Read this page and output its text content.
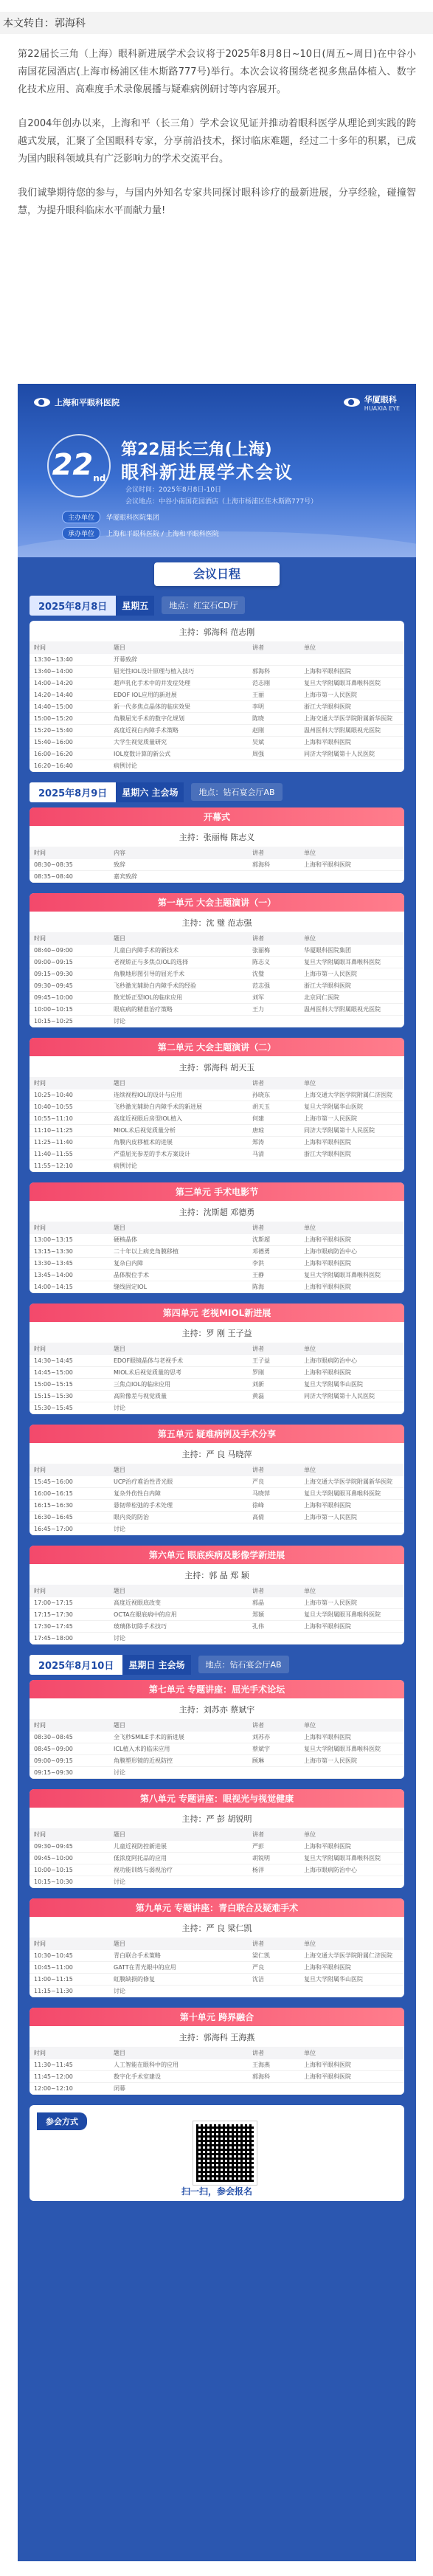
本文转自：郭海科

第22届长三角（上海）眼科新进展学术会议将于2025年8月8日~10日(周五~周日)在中谷小南国花园酒店(上海市杨浦区佳木斯路777号)举行。本次会议将围绕老视多焦晶体植入、数字化技术应用、高难度手术录像展播与疑难病例研讨等内容展开。

自2004年创办以来，上海和平（长三角）学术会议见证并推动着眼科医学从理论到实践的跨越式发展，汇聚了全国眼科专家，分享前沿技术，探讨临床难题，经过二十多年的积累，已成为国内眼科领域具有广泛影响力的学术交流平台。

我们诚挚期待您的参与，与国内外知名专家共同探讨眼科诊疗的最新进展，分享经验，碰撞智慧，为提升眼科临床水平而献力量!

上海和平眼科医院	华厦眼科
HUAXIA EYE
$22_{nd}$
第22届长三角(上海)
眼科新进展学术会议
会议时间：2025年8月8日-10日
会议地点：中谷小南国花园酒店（上海市杨浦区佳木斯路777号）
主办单位	华厦眼科医院集团
承办单位	上海和平眼科医院 / 上海和平眼科医院
会议日程
2025年8月8日	星期五	地点：红宝石CD厅
主持：郭海科 范志刚
时间	题目	讲者	单位
13:30~13:40	开幕致辞		
13:40~14:00	屈光性IOL设计原理与植入技巧	郭海科	上海和平眼科医院
14:00~14:20	超声乳化手术中的并发症处理	范志刚	复旦大学附属眼耳鼻喉科医院
14:20~14:40	EDOF IOL应用的新进展	王丽	上海市第一人民医院
14:40~15:00	新一代多焦点晶体的临床效果	李明	浙江大学眼科医院
15:00~15:20	角膜屈光手术的数字化规划	陈晓	上海交通大学医学院附属新华医院
15:20~15:40	高度近视白内障手术策略	赵刚	温州医科大学附属眼视光医院
15:40~16:00	大学生视觉质量研究	吴斌	上海和平眼科医院
16:00~16:20	IOL度数计算的新公式	周强	同济大学附属第十人民医院
16:20~16:40	病例讨论		
2025年8月9日	星期六 主会场	地点：钻石宴会厅AB
开幕式
主持：张丽梅 陈志义
时间	内容	讲者	单位
08:30~08:35	致辞	郭海科	上海和平眼科医院
08:35~08:40	嘉宾致辞		
第一单元 大会主题演讲（一）
主持：沈 璧 范志强
时间	题目	讲者	单位
08:40~09:00	儿童白内障手术的新技术	张丽梅	华厦眼科医院集团
09:00~09:15	老视矫正与多焦点IOL的选择	陈志义	复旦大学附属眼耳鼻喉科医院
09:15~09:30	角膜地形图引导的屈光手术	沈璧	上海市第一人民医院
09:30~09:45	飞秒激光辅助白内障手术的经验	范志强	浙江大学眼科医院
09:45~10:00	散光矫正型IOL的临床应用	刘军	北京同仁医院
10:00~10:15	眼底病的精准治疗策略	王力	温州医科大学附属眼视光医院
10:15~10:25	讨论		
第二单元 大会主题演讲（二）
主持：郭海科 胡天玉
时间	题目	讲者	单位
10:25~10:40	连续视程IOL的设计与应用	孙晓东	上海交通大学医学院附属仁济医院
10:40~10:55	飞秒激光辅助白内障手术的新进展	胡天玉	复旦大学附属华山医院
10:55~11:10	高度近视眼后房型IOL植入	何建	上海市第一人民医院
11:10~11:25	MIOL术后视觉质量分析	唐琼	同济大学附属第十人民医院
11:25~11:40	角膜内皮移植术的进展	郑涛	上海和平眼科医院
11:40~11:55	严重屈光参差的手术方案设计	马清	浙江大学眼科医院
11:55~12:10	病例讨论		
第三单元 手术电影节
主持：沈斯超 邓德勇
时间	题目	讲者	单位
13:00~13:15	硬核晶体	沈斯超	上海和平眼科医院
13:15~13:30	二十年以上病史角膜移植	邓德勇	上海市眼病防治中心
13:30~13:45	复杂白内障	李洪	上海和平眼科医院
13:45~14:00	晶体脱位手术	王静	复旦大学附属眼耳鼻喉科医院
14:00~14:15	缝线固定IOL	陈海	上海和平眼科医院
第四单元 老视MIOL新进展
主持：罗 刚 王子益
时间	题目	讲者	单位
14:30~14:45	EDOF眼镜晶体与老视手术	王子益	上海市眼病防治中心
14:45~15:00	MIOL术后视觉质量的思考	罗刚	上海和平眼科医院
15:00~15:15	三焦点IOL的临床应用	刘新	复旦大学附属华山医院
15:15~15:30	高阶像差与视觉质量	黄磊	同济大学附属第十人民医院
15:30~15:45	讨论		
第五单元 疑难病例及手术分享
主持：严 良 马晓萍
时间	题目	讲者	单位
15:45~16:00	UCP治疗难治性青光眼	严良	上海交通大学医学院附属新华医院
16:00~16:15	复杂外伤性白内障	马晓萍	复旦大学附属眼耳鼻喉科医院
16:15~16:30	悬韧带松弛的手术处理	徐峰	上海和平眼科医院
16:30~16:45	眼内炎的防治	高倩	上海市第一人民医院
16:45~17:00	讨论		
第六单元 眼底疾病及影像学新进展
主持：郭 晶 郑 颖
时间	题目	讲者	单位
17:00~17:15	高度近视眼底改变	郭晶	上海市第一人民医院
17:15~17:30	OCTA在眼底病中的应用	郑颖	复旦大学附属眼耳鼻喉科医院
17:30~17:45	玻璃体切除手术技巧	孔伟	上海和平眼科医院
17:45~18:00	讨论		
2025年8月10日	星期日 主会场	地点：钻石宴会厅AB
第七单元 专题讲座：屈光手术论坛
主持：刘苏亦 蔡斌宇
时间	题目	讲者	单位
08:30~08:45	全飞秒SMILE手术的新进展	刘苏亦	上海和平眼科医院
08:45~09:00	ICL植入术的临床应用	蔡斌宇	复旦大学附属眼耳鼻喉科医院
09:00~09:15	角膜塑形镜的近视防控	顾琳	上海市第一人民医院
09:15~09:30	讨论		
第八单元 专题讲座：眼视光与视觉健康
主持：严 彭 胡锐明
时间	题目	讲者	单位
09:30~09:45	儿童近视防控新进展	严彭	上海和平眼科医院
09:45~10:00	低浓度阿托品的应用	胡锐明	复旦大学附属眼耳鼻喉科医院
10:00~10:15	视功能训练与弱视治疗	杨洋	上海市眼病防治中心
10:15~10:30	讨论		
第九单元 专题讲座：青白联合及疑难手术
主持：严 良 梁仁凯
时间	题目	讲者	单位
10:30~10:45	青白联合手术策略	梁仁凯	上海交通大学医学院附属仁济医院
10:45~11:00	GATT在青光眼中的应用	严良	上海和平眼科医院
11:00~11:15	虹膜缺损的修复	沈洁	复旦大学附属华山医院
11:15~11:30	讨论		
第十单元 跨界融合
主持：郭海科 王海燕
时间	题目	讲者	单位
11:30~11:45	人工智能在眼科中的应用	王海燕	上海和平眼科医院
11:45~12:00	数字化手术室建设	郭海科	上海和平眼科医院
12:00~12:10	闭幕		
参会方式
扫一扫，参会报名
